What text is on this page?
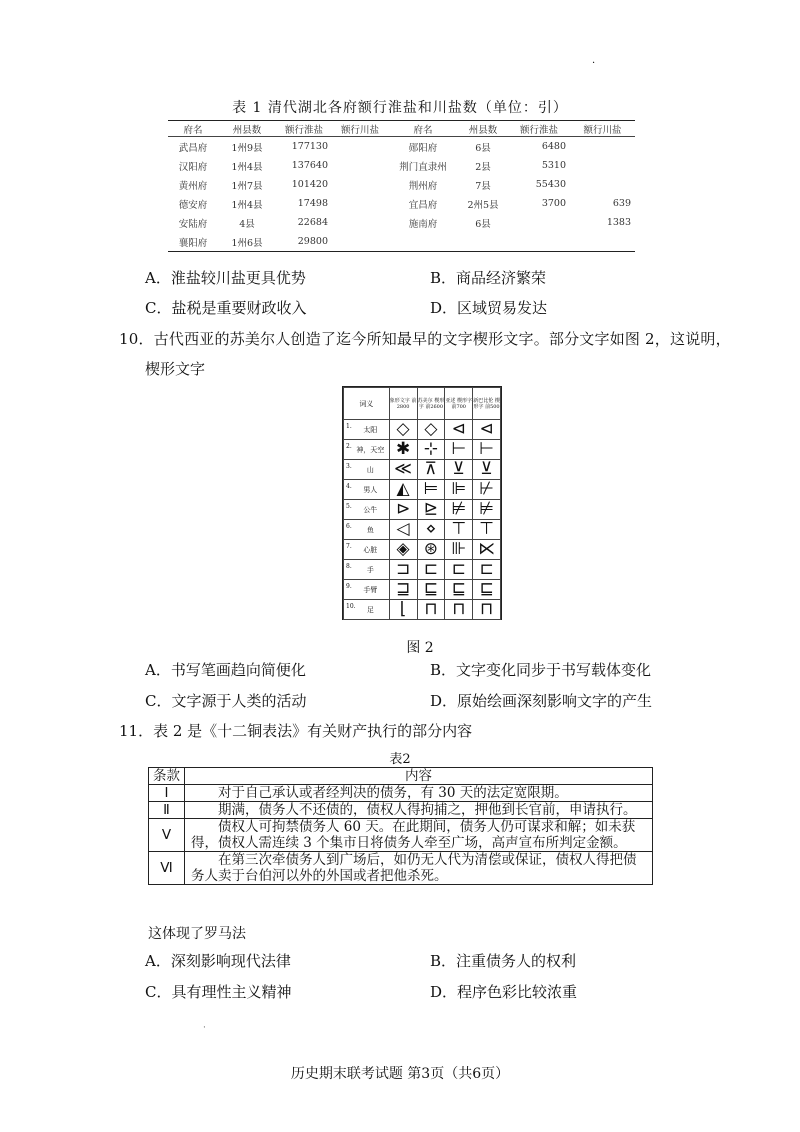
·
表 1 清代湖北各府额行淮盐和川盐数（单位：引）
府名	州县数	额行淮盐	额行川盐	府名	州县数	额行淮盐	额行川盐
武昌府	1州9县	177130		郧阳府	6县	6480	
汉阳府	1州4县	137640		荆门直隶州	2县	5310	
黄州府	1州7县	101420		荆州府	7县	55430	
德安府	1州4县	17498		宜昌府	2州5县	3700	639
安陆府	4县	22684		施南府	6县		1383
襄阳府	1州6县	29800					
A．淮盐较川盐更具优势	B．商品经济繁荣
C．盐税是重要财政收入	D．区域贸易发达
10．古代西亚的苏美尔人创造了迄今所知最早的文字楔形文字。部分文字如图 2，这说明，
楔形文字
词义	象形文字 前2800	苏美尔 楔形字 前2600	亚述 楔形字 前700	新巴比伦 楔形字 前500

1. 太阳	◇	◇	⊲	⊲

2. 神，天空	✱	⊹	⊢	⊢

3. 山	≪	⊼	⊻	⊻

4. 男人	◭	⊨	⊫	⊬

5. 公牛	⊳	⊵	⊭	⊭

6. 鱼	◁	⋄	⊤	⊤

7. 心脏	◈	⊛	⊪	⋉

8. 手	⊐	⊏	⊏	⊏

9. 手臂	⊒	⊑	⊑	⊑

10. 足	⌊	⊓	⊓	⊓
图 2
A．书写笔画趋向简便化	B．文字变化同步于书写载体变化
C．文字源于人类的活动	D．原始绘画深刻影响文字的产生
11．表 2 是《十二铜表法》有关财产执行的部分内容
表2
条款	内容
Ⅰ	　　对于自己承认或者经判决的债务，有 30 天的法定宽限期。
Ⅱ	　　期满，债务人不还债的，债权人得拘捕之，押他到长官前，申请执行。
Ⅴ	　　债权人可拘禁债务人 60 天。在此期间，债务人仍可谋求和解；如未获得，债权人需连续 3 个集市日将债务人牵至广场，高声宣布所判定金额。
Ⅵ	　　在第三次牵债务人到广场后，如仍无人代为清偿或保证，债权人得把债务人卖于台伯河以外的外国或者把他杀死。
这体现了罗马法
A．深刻影响现代法律	B．注重债务人的权利
C．具有理性主义精神	D．程序色彩比较浓重
·
历史期末联考试题 第3页（共6页）
